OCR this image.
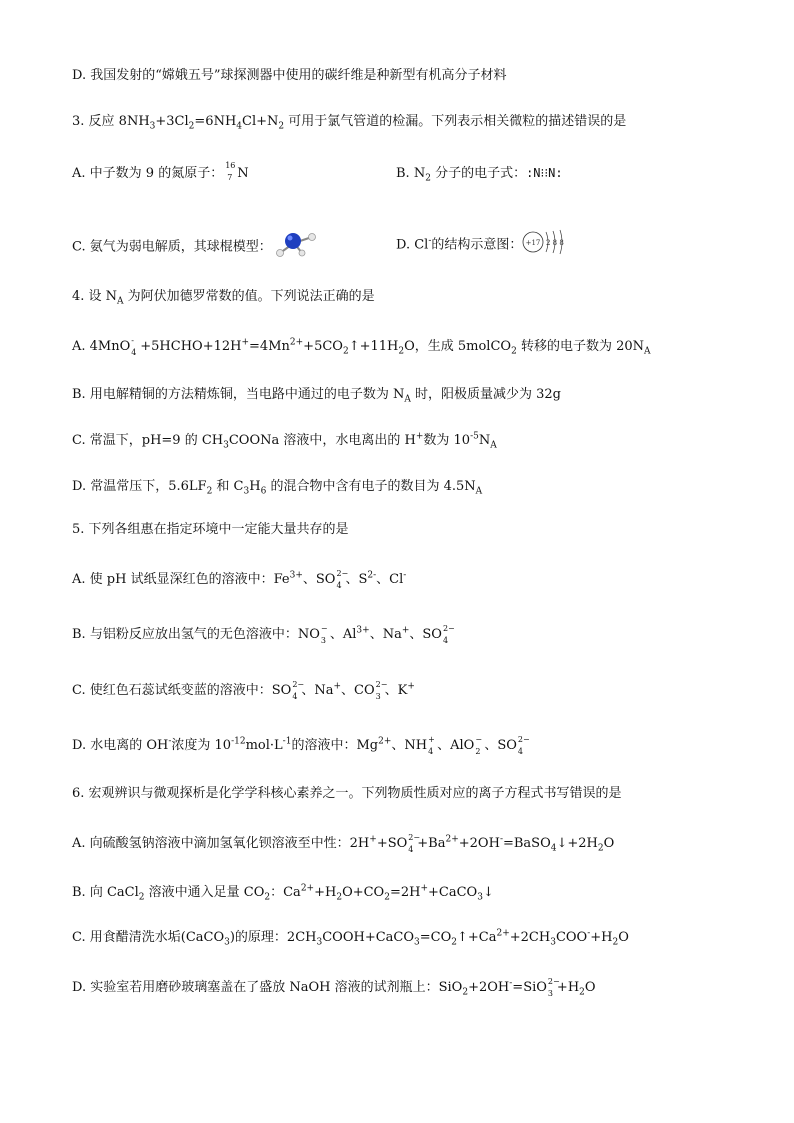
D. 我国发射的“嫦娥五号”球探测器中使用的碳纤维是种新型有机高分子材料
3. 反应 $8NH_3+3Cl_2=6NH_4Cl+N_2$ 可用于氯气管道的检漏。下列表示相关微粒的描述错误的是
A. 中子数为 9 的氮原子：
16
7 N	B. $N_2$ 分子的电子式：:N⁝⁝N:
C. 氨气为弱电解质，其球棍模型：	D. Cl-的结构示意图： +17 2 8 8
4. 设 $N_A$ 为阿伏加德罗常数的值。下列说法正确的是
A. 4MnO -
$4 +5HCHO+12H^+=4Mn^{2+}+5CO_2↑+11H_2O$，生成 5molCO$_2$ 转移的电子数为 $20N_A$
B. 用电解精铜的方法精炼铜，当电路中通过的电子数为 $N_A$ 时，阳极质量减少为 32g
C. 常温下，pH=9 的 $CH_3COONa$ 溶液中，水电离出的 H+数为 $10^{-5}N_A$
D. 常温常压下，$5.6LF_2$ 和 $C_3H_6$ 的混合物中含有电子的数目为 $4.5N_A$
5. 下列各组惠在指定环境中一定能大量共存的是
A. 使 pH 试纸显深红色的溶液中：$Fe^{3+}$、SO 2−
4 、$S^{2-}$、Cl-
B. 与铝粉反应放出氢气的无色溶液中：NO −
3 、$Al^{3+}$、Na+、SO 2−
4
C. 使红色石蕊试纸变蓝的溶液中：SO 2−
4 、Na+、CO 2−
3 、K+
D. 水电离的 OH-浓度为 $10^{-12}mol\cdot L^{-1}$的溶液中：$Mg^{2+}$、NH +
4 、AlO −
2 、SO 2−
4
6. 宏观辨识与微观探析是化学学科核心素养之一。下列物质性质对应的离子方程式书写错误的是
A. 向硫酸氢钠溶液中滴加氢氧化钡溶液至中性：2H++SO 2−
$4 +Ba^{2+}+2OH^-=BaSO_4↓+2H_2O$
B. 向 CaCl$_2$ 溶液中通入足量 $CO_2$：$Ca^{2+}+H_2O+CO_2=2H^++CaCO_3↓$
C. 用食醋清洗水垢(CaCO$_3$)的原理：$2CH_3COOH+CaCO_3=CO_2↑+Ca^{2+}+2CH_3COO^-+H_2O$
D. 实验室若用磨砂玻璃塞盖在了盛放 NaOH 溶液的试剂瓶上：SiO$_2$+2OH-=SiO 2−
$3 +H_2O$
